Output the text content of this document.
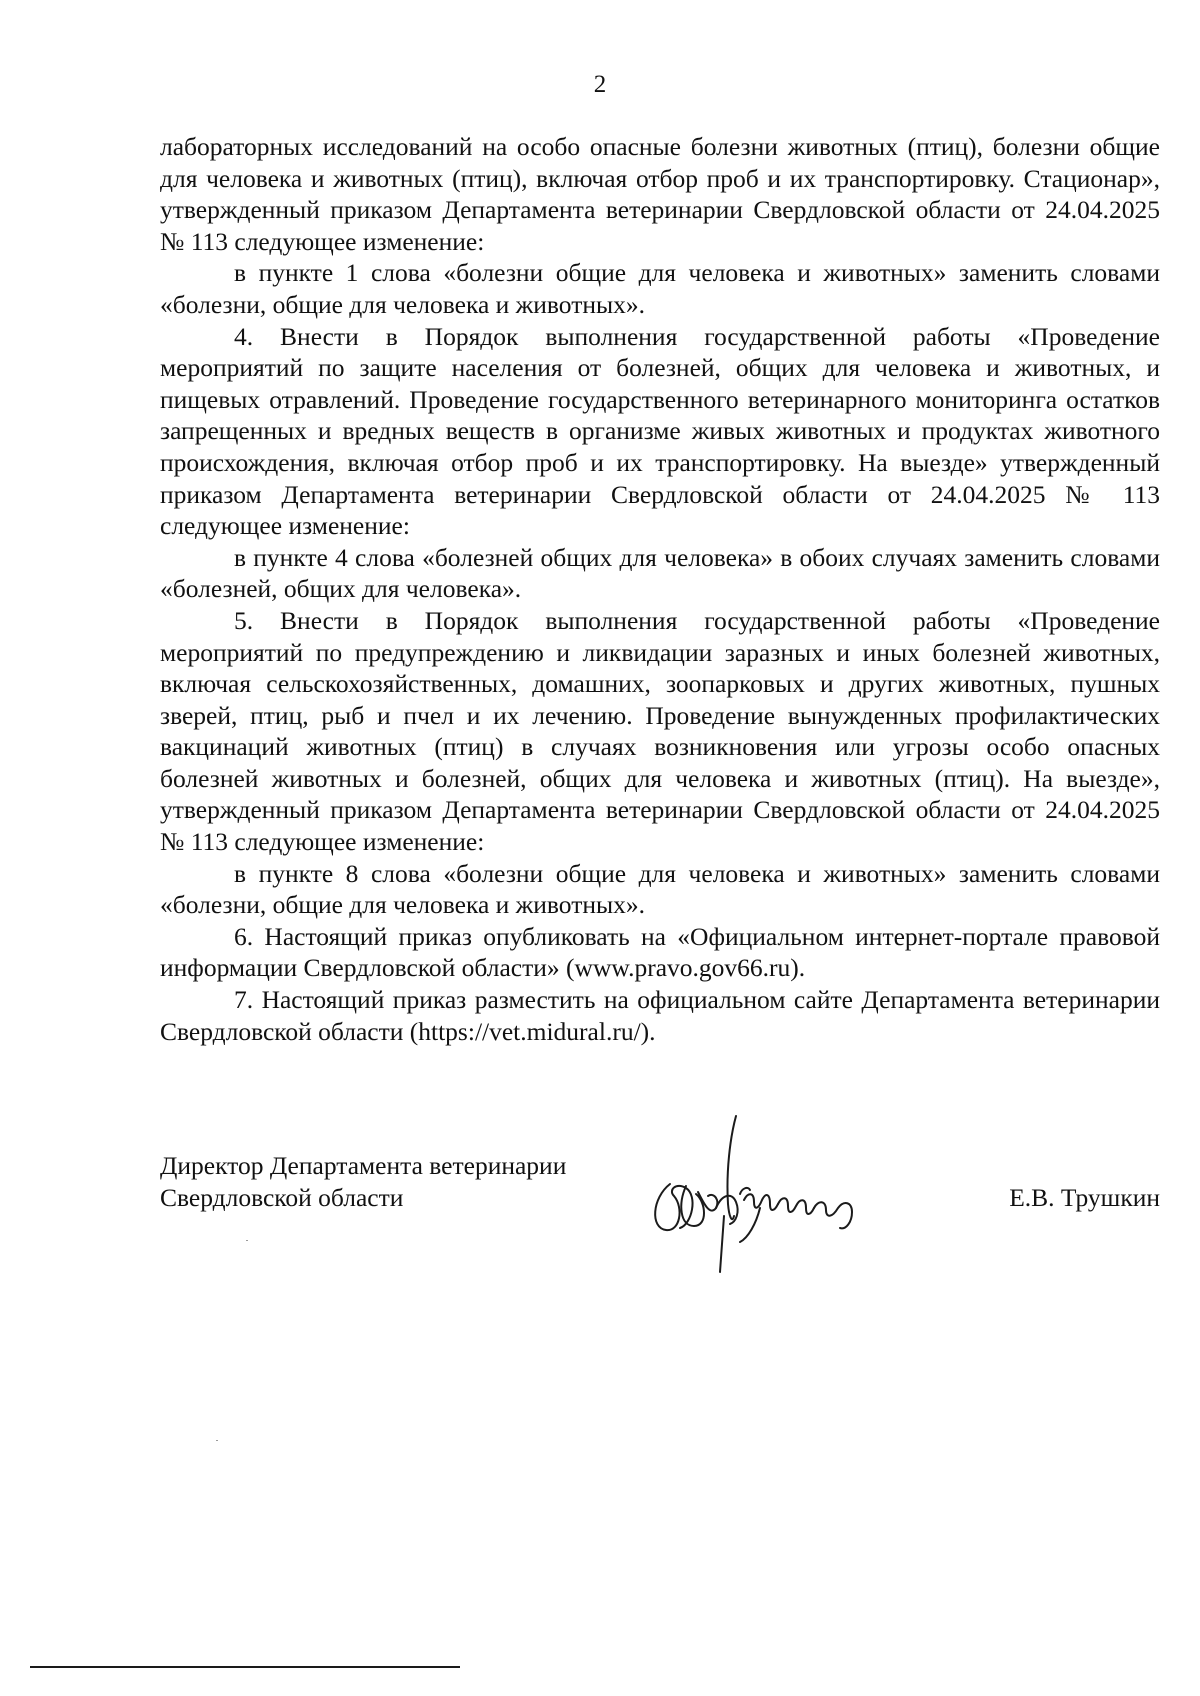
2

лабораторных исследований на особо опасные болезни животных (птиц), болезни общие для человека и животных (птиц), включая отбор проб и их транспортировку. Стационар», утвержденный приказом Департамента ветеринарии Свердловской области от 24.04.2025 № 113 следующее изменение:

в пункте 1 слова «болезни общие для человека и животных» заменить словами «болезни, общие для человека и животных».

4. Внести в Порядок выполнения государственной работы «Проведение мероприятий по защите населения от болезней, общих для человека и животных, и пищевых отравлений. Проведение государственного ветеринарного мониторинга остатков запрещенных и вредных веществ в организме живых животных и продуктах животного происхождения, включая отбор проб и их транспортировку. На выезде» утвержденный приказом Департамента ветеринарии Свердловской области от 24.04.2025 № 113 следующее изменение:

в пункте 4 слова «болезней общих для человека» в обоих случаях заменить словами «болезней, общих для человека».

5. Внести в Порядок выполнения государственной работы «Проведение мероприятий по предупреждению и ликвидации заразных и иных болезней животных, включая сельскохозяйственных, домашних, зоопарковых и других животных, пушных зверей, птиц, рыб и пчел и их лечению. Проведение вынужденных профилактических вакцинаций животных (птиц) в случаях возникновения или угрозы особо опасных болезней животных и болезней, общих для человека и животных (птиц). На выезде», утвержденный приказом Департамента ветеринарии Свердловской области от 24.04.2025 № 113 следующее изменение:

в пункте 8 слова «болезни общие для человека и животных» заменить словами «болезни, общие для человека и животных».

6. Настоящий приказ опубликовать на «Официальном интернет-портале правовой информации Свердловской области» (www.pravo.gov66.ru).

7. Настоящий приказ разместить на официальном сайте Департамента ветеринарии Свердловской области (https://vet.midural.ru/).

Директор Департамента ветеринарии
Свердловской области	Е.В. Трушкин
